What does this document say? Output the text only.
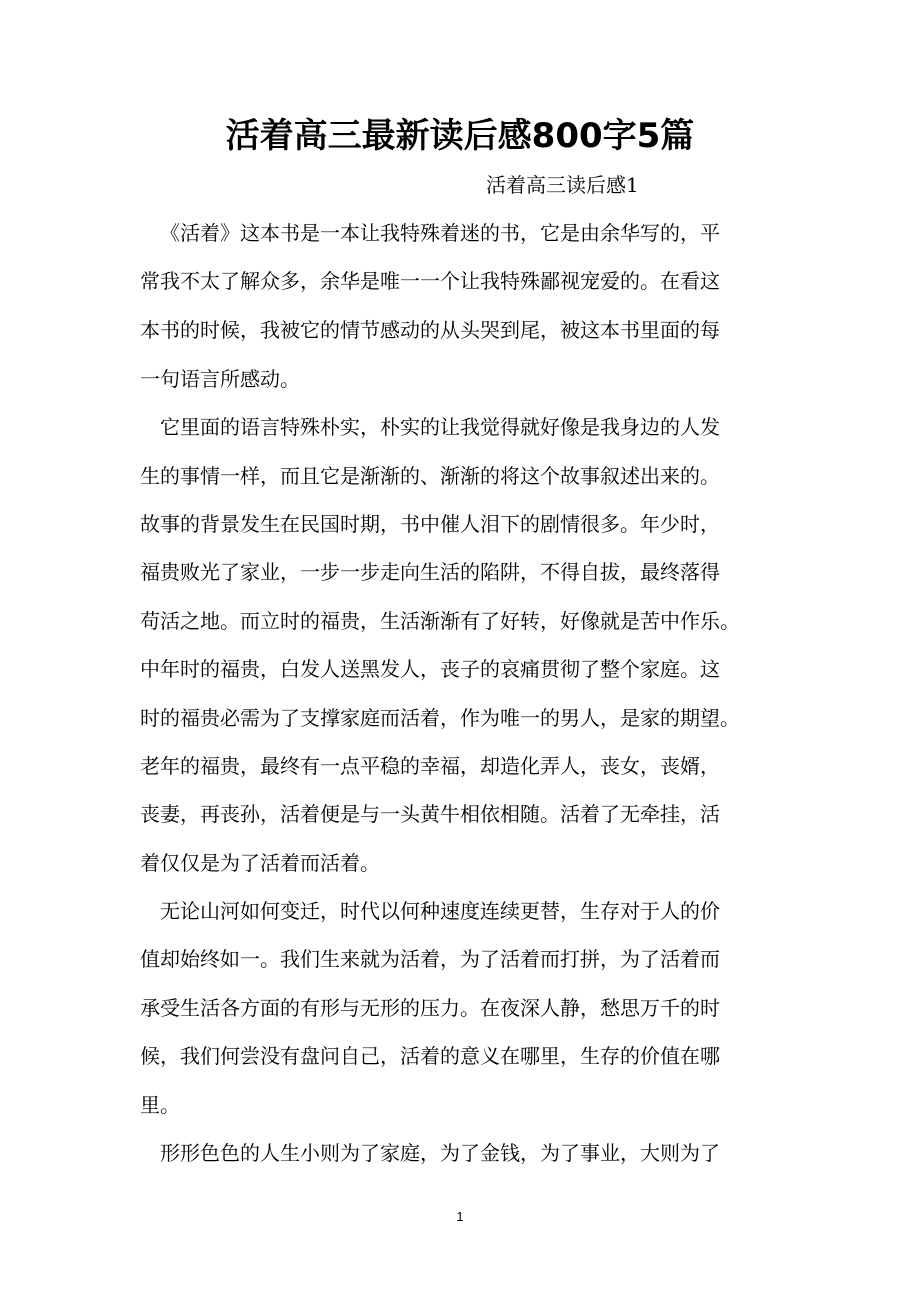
活着高三最新读后感800字5篇
活着高三读后感1
《活着》这本书是一本让我特殊着迷的书，它是由余华写的，平
常我不太了解众多，余华是唯一一个让我特殊鄙视宠爱的。在看这
本书的时候，我被它的情节感动的从头哭到尾，被这本书里面的每
一句语言所感动。
它里面的语言特殊朴实，朴实的让我觉得就好像是我身边的人发
生的事情一样，而且它是渐渐的、渐渐的将这个故事叙述出来的。
故事的背景发生在民国时期，书中催人泪下的剧情很多。年少时，
福贵败光了家业，一步一步走向生活的陷阱，不得自拔，最终落得
苟活之地。而立时的福贵，生活渐渐有了好转，好像就是苦中作乐。
中年时的福贵，白发人送黑发人，丧子的哀痛贯彻了整个家庭。这
时的福贵必需为了支撑家庭而活着，作为唯一的男人，是家的期望。
老年的福贵，最终有一点平稳的幸福，却造化弄人，丧女，丧婿，
丧妻，再丧孙，活着便是与一头黄牛相依相随。活着了无牵挂，活
着仅仅是为了活着而活着。
无论山河如何变迁，时代以何种速度连续更替，生存对于人的价
值却始终如一。我们生来就为活着，为了活着而打拼，为了活着而
承受生活各方面的有形与无形的压力。在夜深人静，愁思万千的时
候，我们何尝没有盘问自己，活着的意义在哪里，生存的价值在哪
里。
形形色色的人生小则为了家庭，为了金钱，为了事业，大则为了
1
